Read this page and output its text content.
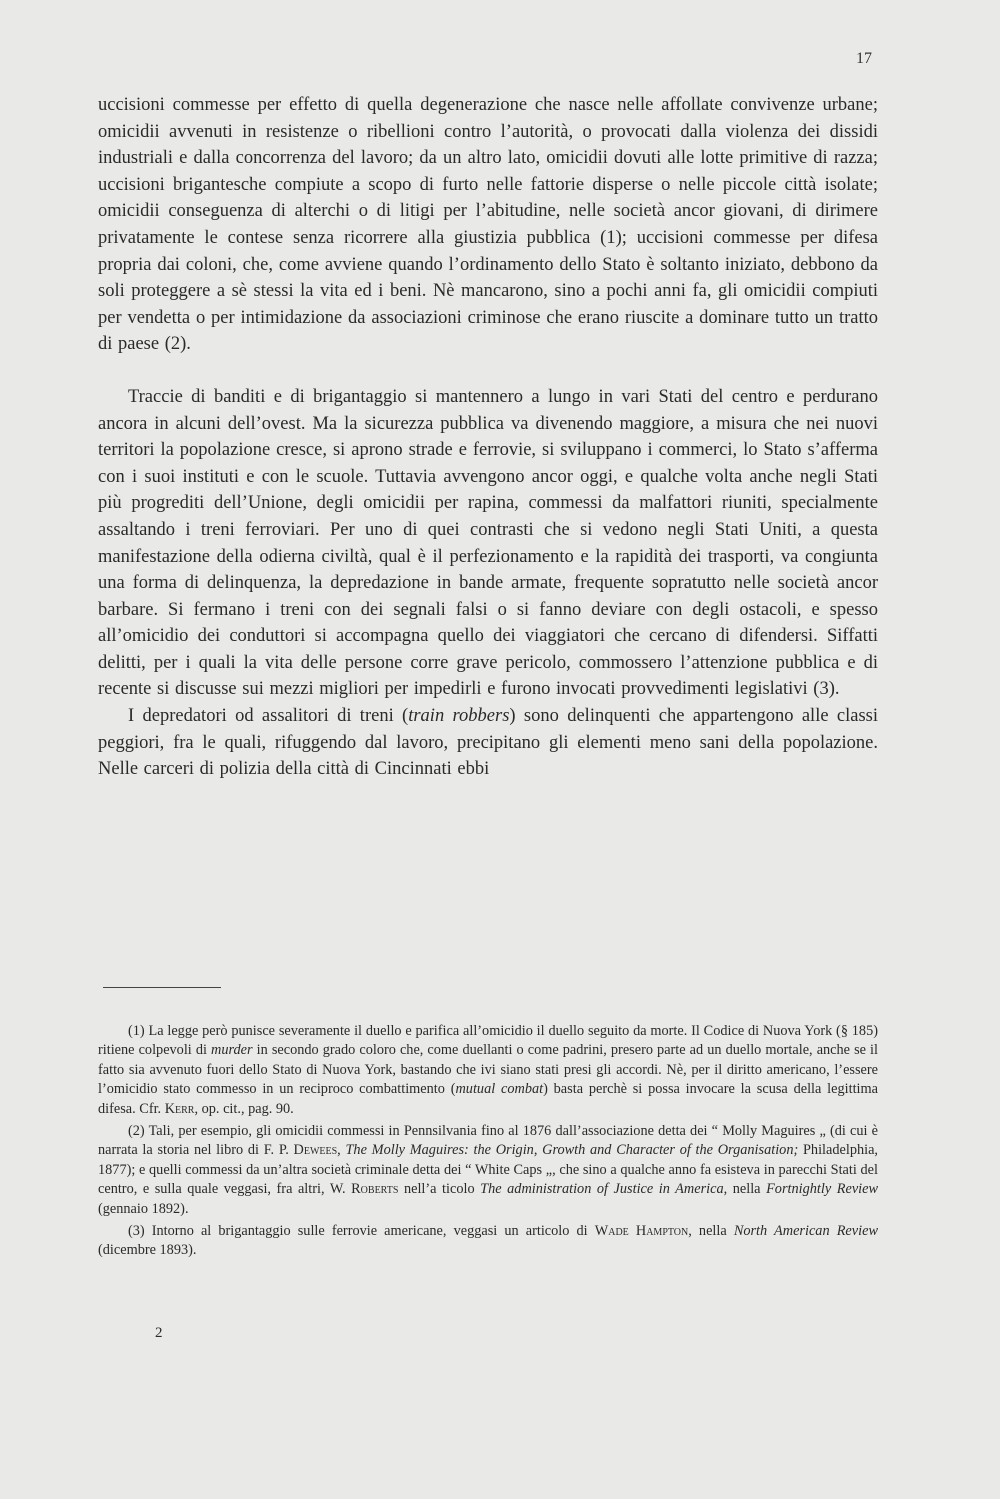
17

uccisioni commesse per effetto di quella degenerazione che nasce nelle affollate convivenze urbane; omicidii avvenuti in resistenze o ribellioni contro l’autorità, o provocati dalla violenza dei dissidi industriali e dalla concorrenza del lavoro; da un altro lato, omicidii dovuti alle lotte primitive di razza; uccisioni brigantesche compiute a scopo di furto nelle fattorie disperse o nelle piccole città isolate; omicidii conseguenza di alterchi o di litigi per l’abitudine, nelle società ancor giovani, di dirimere privatamente le contese senza ricorrere alla giustizia pubblica (1); uccisioni commesse per difesa propria dai coloni, che, come avviene quando l’ordinamento dello Stato è soltanto iniziato, debbono da soli proteggere a sè stessi la vita ed i beni. Nè mancarono, sino a pochi anni fa, gli omicidii compiuti per vendetta o per intimidazione da associazioni criminose che erano riuscite a dominare tutto un tratto di paese (2).

Traccie di banditi e di brigantaggio si mantennero a lungo in vari Stati del centro e perdurano ancora in alcuni dell’ovest. Ma la sicurezza pubblica va divenendo maggiore, a misura che nei nuovi territori la popolazione cresce, si aprono strade e ferrovie, si sviluppano i commerci, lo Stato s’afferma con i suoi instituti e con le scuole. Tuttavia avvengono ancor oggi, e qualche volta anche negli Stati più progrediti dell’Unione, degli omicidii per rapina, commessi da malfattori riuniti, specialmente assaltando i treni ferroviari. Per uno di quei contrasti che si vedono negli Stati Uniti, a questa manifestazione della odierna civiltà, qual è il perfezionamento e la rapidità dei trasporti, va congiunta una forma di delinquenza, la depredazione in bande armate, frequente sopratutto nelle società ancor barbare. Si fermano i treni con dei segnali falsi o si fanno deviare con degli ostacoli, e spesso all’omicidio dei conduttori si accompagna quello dei viaggiatori che cercano di difendersi. Siffatti delitti, per i quali la vita delle persone corre grave pericolo, commossero l’attenzione pubblica e di recente si discusse sui mezzi migliori per impedirli e furono invocati provvedimenti legislativi (3).

I depredatori od assalitori di treni (train robbers) sono delinquenti che appartengono alle classi peggiori, fra le quali, rifuggendo dal lavoro, precipitano gli elementi meno sani della popolazione. Nelle carceri di polizia della città di Cincinnati ebbi

(1) La legge però punisce severamente il duello e parifica all’omicidio il duello seguito da morte. Il Codice di Nuova York (§ 185) ritiene colpevoli di murder in secondo grado coloro che, come duellanti o come padrini, presero parte ad un duello mortale, anche se il fatto sia avvenuto fuori dello Stato di Nuova York, bastando che ivi siano stati presi gli accordi. Nè, per il diritto americano, l’essere l’omicidio stato commesso in un reciproco combattimento (mutual combat) basta perchè si possa invocare la scusa della legittima difesa. Cfr. Kerr, op. cit., pag. 90.

(2) Tali, per esempio, gli omicidii commessi in Pennsilvania fino al 1876 dall’associazione detta dei “ Molly Maguires „ (di cui è narrata la storia nel libro di F. P. Dewees, The Molly Maguires: the Origin, Growth and Character of the Organisation; Philadelphia, 1877); e quelli commessi da un’altra società criminale detta dei “ White Caps „, che sino a qualche anno fa esisteva in parecchi Stati del centro, e sulla quale veggasi, fra altri, W. Roberts nell’a ticolo The administration of Justice in America, nella Fortnightly Review (gennaio 1892).

(3) Intorno al brigantaggio sulle ferrovie americane, veggasi un articolo di Wade Hampton, nella North American Review (dicembre 1893).

2
